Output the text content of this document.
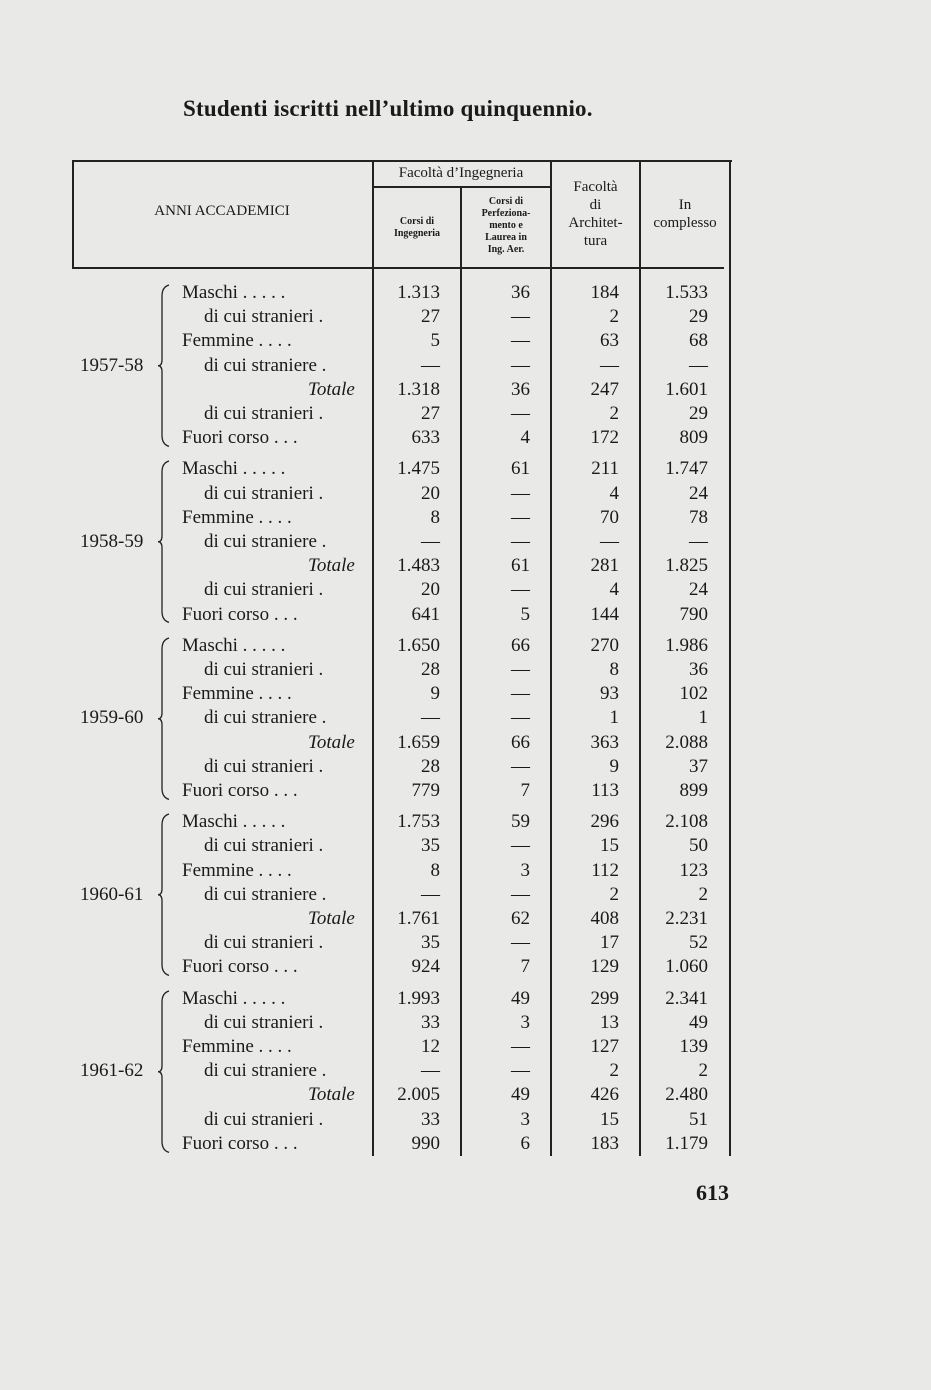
Studenti iscritti nell’ultimo quinquennio.
ANNI ACCADEMICI
Facoltà d’Ingegneria
Corsi di
Ingegneria
Corsi di
Perfeziona-
mento e
Laurea in
Ing. Aer.
Facoltà
di
Architet-
tura
In
complesso
1957-58
Maschi . . . . .	1.313	36	184 1.533
di cui stranieri .	27	—	2	29
Femmine . . . .	5	—	63	68
di cui straniere .	—	—	—	—
Totale 1.318	36	247 1.601
di cui stranieri .	27	—	2	29
Fuori corso . . .	633	4	172	809
1958-59
Maschi . . . . .	1.475	61	211 1.747
di cui stranieri .	20	—	4	24
Femmine . . . .	8	—	70	78
di cui straniere .	—	—	—	—
Totale 1.483	61	281 1.825
di cui stranieri .	20	—	4	24
Fuori corso . . .	641	5	144	790
1959-60
Maschi . . . . .	1.650	66	270 1.986
di cui stranieri .	28	—	8	36
Femmine . . . .	9	—	93	102
di cui straniere .	—	—	1	1
Totale 1.659	66	363 2.088
di cui stranieri .	28	—	9	37
Fuori corso . . .	779	7	113	899
1960-61
Maschi . . . . .	1.753	59	296 2.108
di cui stranieri .	35	—	15	50
Femmine . . . .	8	3	112	123
di cui straniere .	—	—	2	2
Totale 1.761	62	408 2.231
di cui stranieri .	35	—	17	52
Fuori corso . . .	924	7	129 1.060
1961-62
Maschi . . . . .	1.993	49	299 2.341
di cui stranieri .	33	3	13	49
Femmine . . . .	12	—	127	139
di cui straniere .	—	—	2	2
Totale 2.005	49	426 2.480
di cui stranieri .	33	3	15	51
Fuori corso . . .	990	6	183 1.179
613
